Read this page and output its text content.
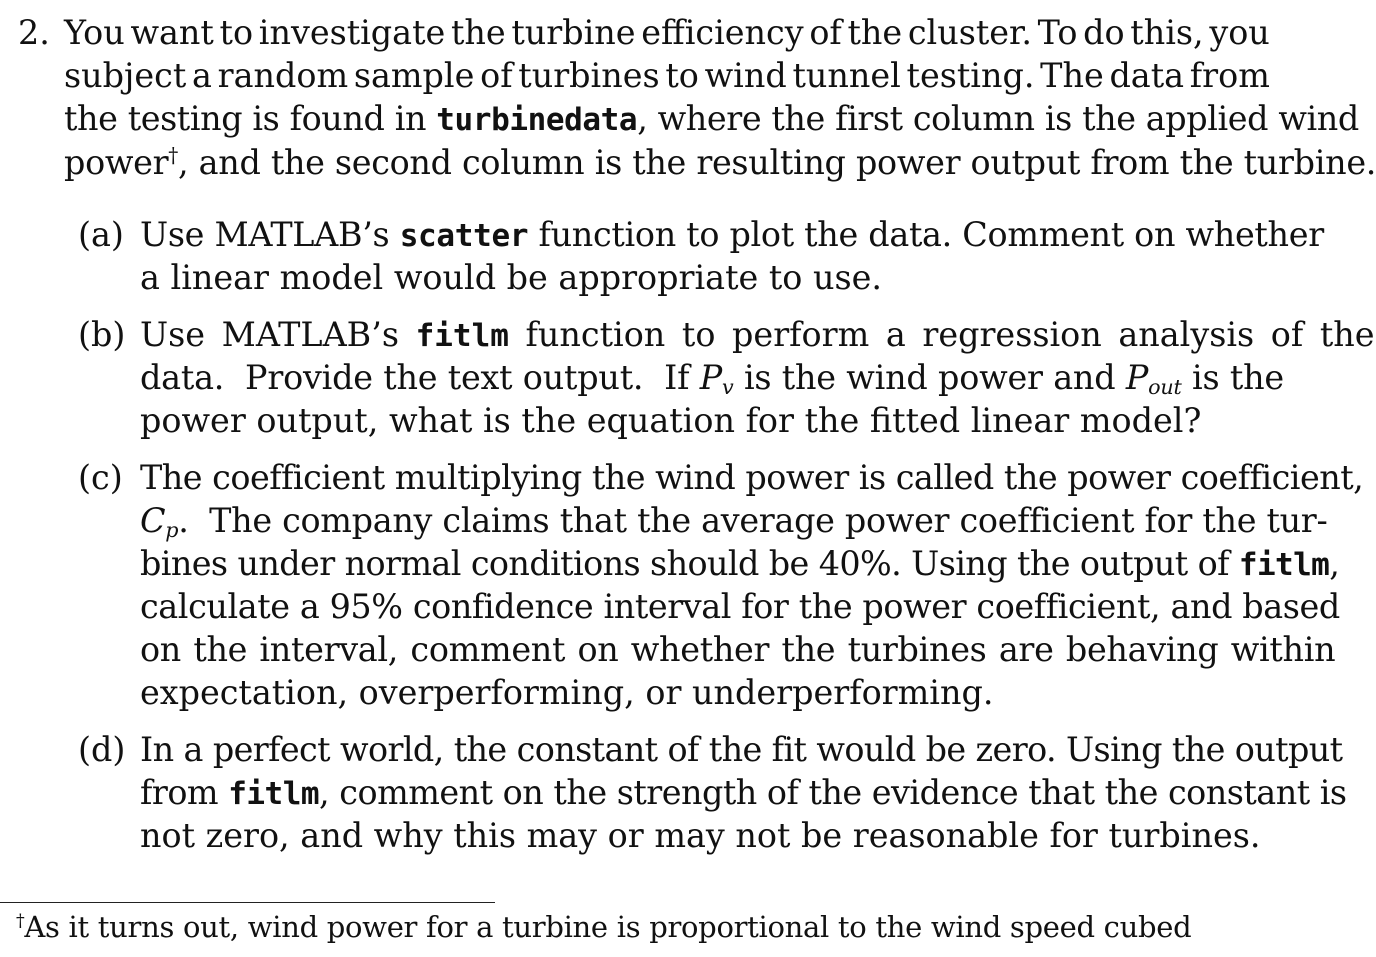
2. You want to investigate the turbine efficiency of the cluster. To do this, you
subject a random sample of turbines to wind tunnel testing. The data from
the testing is found in turbinedata, where the first column is the applied wind
power†, and the second column is the resulting power output from the turbine.
(a) Use MATLAB’s scatter function to plot the data. Comment on whether
a linear model would be appropriate to use.
(b) Use MATLAB’s fitlm function to perform a regression analysis of the
data.  Provide the text output.  If $P_v$ is the wind power and $P_{out}$ is the
power output, what is the equation for the fitted linear model?
(c) The coefficient multiplying the wind power is called the power coefficient,
$C_p$.  The company claims that the average power coefficient for the tur-
bines under normal conditions should be 40%. Using the output of fitlm,
calculate a 95% confidence interval for the power coefficient, and based
on the interval, comment on whether the turbines are behaving within
expectation, overperforming, or underperforming.
(d) In a perfect world, the constant of the fit would be zero. Using the output
from fitlm, comment on the strength of the evidence that the constant is
not zero, and why this may or may not be reasonable for turbines.
†As it turns out, wind power for a turbine is proportional to the wind speed cubed
